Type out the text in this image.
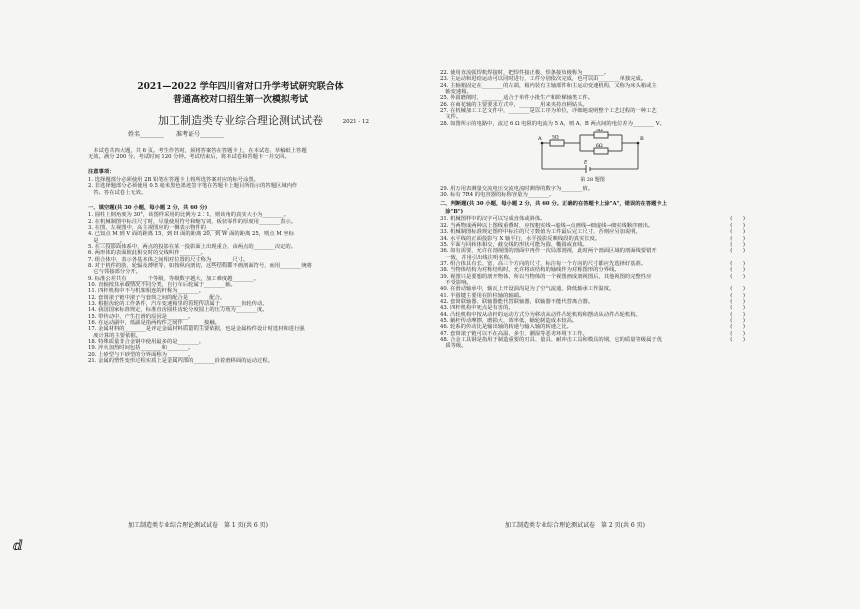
2021—2022 学年四川省对口升学考试研究联合体
普通高校对口招生第一次模拟考试
加工制造类专业综合理论测试试卷	2021 - 12
姓名________　　准考证号________
　本试卷共四大题，共 6 页。考生作答时，须将答案答在答题卡上，在本试卷、草稿纸上答题
无效。满分 200 分。考试时间 120 分钟。考试结束后，将本试卷和答题卡一并交回。
注意事项：
1. 选择题部分必须使用 2B 铅笔在答题卡上将所选答案对应的标号涂黑。
2. 非选择题部分必须使用 0.5 毫米黑色墨迹签字笔在答题卡上题目所指示的答题区域内作
　答。答在试卷上无效。
一、填空题(共 30 小题，每小题 2 分，共 60 分)
1. 圆柱上倒角度为 30°，该图样采用的比例为 2∶1，则该角的真实大小为________。
2. 在机械制图中标注尺寸时，尽量使用符号和缩写词，板状零件的厚度用________表示。
3. 在图，左视图中，高主视图应的一侧表示物件的________。
4. 已知点 M 到 V 面的距离 15，到 H 面的距离 20，到 W 面的距离 25，则点 M 坐标
　是________。
5. 在三投影面体系中，两点的投影在某一投影面上出现重合，由两点的________决定的。
6. 两形体的表面彼此相交时的交线叫作________。
7. 组合体中，表示各基本体之间相对位置的尺寸称为________尺寸。
8. 对于机件的肋、轮辐及薄壁等，如按纵向剖切，这些结构都不画剖面符号，而用________统将
　它与邻接部分分开。
9. 标准公差共有________个等级，等级数字越大，加工难度越________。
10. 直轴按其承载情况不同分类，自行车后轮属于________轴。
11. 四杆机构中不与机架相连的杆称为________。
12. 套筒滚子链中滚子与套筒之间的配合是________配合。
13. 根据齿轮的工作条件，汽车变速箱里的齿轮传动属于________齿轮传动。
14. 我国国家标准规定，标准直齿圆柱齿轮分度圆上的压力角为________度。
15. 带传动中，产生打滑的原因是________。
16. 在运动副中，低副是指两构件之间作________接触。
17. 金属材料的________是评定金属材料质量的主要依据，也是金属构件设计时选材和进行强
　度计算的主要依据。
18. 特殊质量非合金钢中使用最多的是________。
19. 淬火加热时间包括________和________。
20. 上砂型与下砂型的分界面称为________。
21. 金属的塑性变形过程实质上是金属内部的________沿着滑移面的运动过程。
22. 使用直流弧焊机焊接时，把焊件接正极，焊条接负极称为________。
23. 主运动和进给运动可以同时进行，工件分别依次完成，也可以由________单独完成。
24. 主轴箱固定在________的左端，箱内装有主轴部件和主运动变速机构，又称为床头箱或主
　轴变速箱。
25. 外圆磨削时，________适合于单件小批生产和阶梯轴类工件。
26. 在商花轴的主要要求方式中，________用来夹持直柄钻头。
27. 在机械加工工艺文件中，________是以工序为单位，详细地说明整个工艺过程的一种工艺
　文件。
28. 如图所示的电路中，流过 6 Ω 电阻的电流为 5 A，则 A、B 两点间的电位差为________ V。
A	B
5Ω
3Ω
6Ω
E
第 28 题图
29. 用万用表测量交流电压交流电流时测得的数字为________值。
30. 标有 7R4 的电容器的标称容量为________。
二、判断题(共 30 小题，每小题 2 分，共 60 分。正确的在答题卡上涂"A"，错误的在答题卡上
　涂"B")
31. 机械图样中的汉字可以写成直体或斜体。	(　　)
32. 当两物成两种以上图线重叠时，应按粗实线→虚线→点画线→细虚线→细实线顺序画出。	(　　)
33. 机械制图标准规定图样中标注的尺寸数值为工件最后完工尺寸，否则应另加说明。	(　　)
34. 水平线的正面投影与 X 轴平行，水平投影反映线段的真实长度。	(　　)
35. 平面与回转体相交，截交线的形状可能为圆、椭圆或直线。	(　　)
36. 如有需要，允许在剖视图的剖面中再作一次局部剖视，此时两个剖面区域的剖面线要错开	(　　)
　一致，并用引出线注明名称。
37. 组合体具有长、宽、高三个方向的尺寸，标注每一个方向的尺寸都应先选择好基准。	(　　)
38. 当物体结构为对称结构时，允许将该结构的轴线作为对称图形的分界线。	(　　)
39. 视图只是要想的剖开物体，所以当物体的一个视图画成剖视图后，其他视图的完整性应	(　　)
　不受影响。
40. 在滑动轴承中，轴瓦上开设油沟是为了空气流通，降低轴承工作温度。	(　　)
41. 半圆键主要用在阶柱轴的轴端。	(　　)
42. 套筒联轴器、联轴器能代替联轴器，联轴器不能代替离合器。	(　　)
43. 四杆机构中死点是有害的。	(　　)
44. 凸轮机构中按从动杆的运动方式分为移动从动件凸轮机构和摆动从动件凸轮机构。	(　　)
45. 蜗杆传动摩擦，磨损大，效率低，蜗轮制造成本较高。	(　　)
46. 轮系的传动比是输出轴的转速与输入轴的转速之比。	(　　)
47. 套筒滚子链可以不在高温、多尘、潮湿等恶劣环境下工作。	(　　)
48. 合金工具钢是指用于制造重要的刃具、量具、耐冲击工具和模具的钢，它的质量等级属于优	(　　)
　质等级。
加工制造类专业综合理论测试试卷　第 1 页(共 6 页)	加工制造类专业综合理论测试试卷　第 2 页(共 6 页)
ⅆ
